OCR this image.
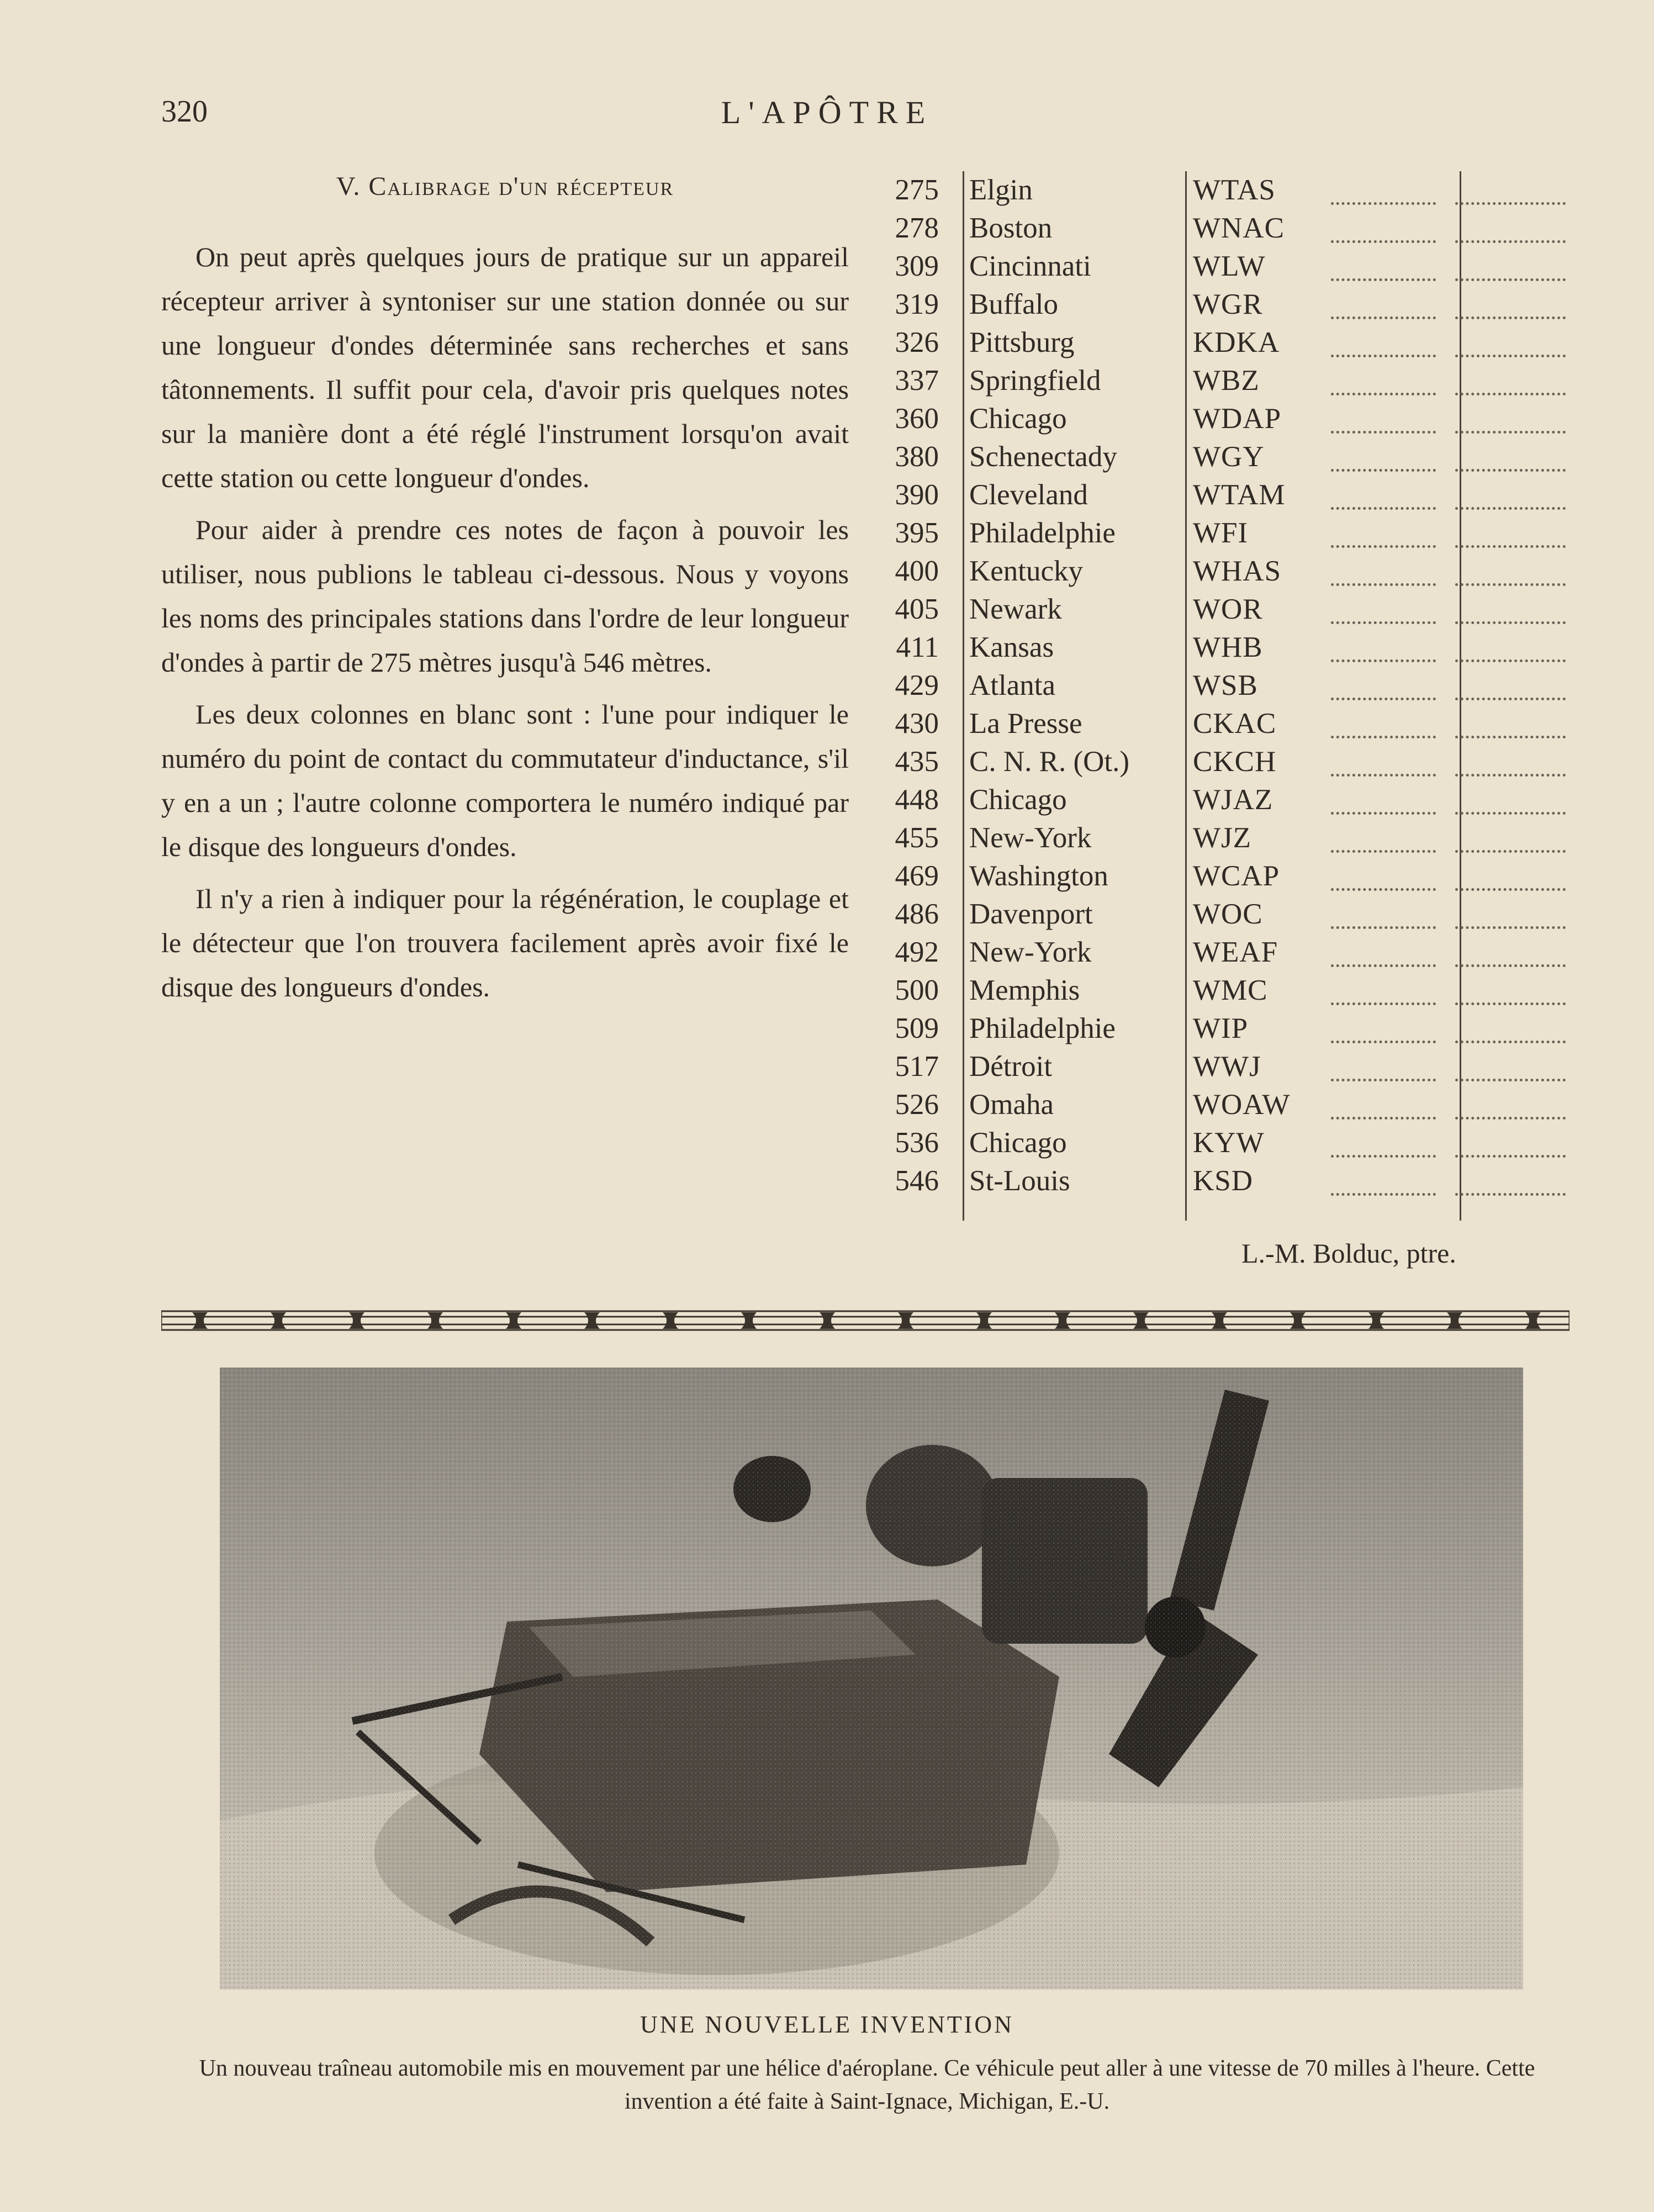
320	L'APÔTRE
V. Calibrage d'un récepteur

On peut après quelques jours de pratique sur un appareil récepteur arriver à syntoniser sur une station donnée ou sur une longueur d'ondes déterminée sans recherches et sans tâtonnements. Il suffit pour cela, d'avoir pris quelques notes sur la manière dont a été réglé l'instrument lorsqu'on avait cette station ou cette longueur d'ondes.

Pour aider à prendre ces notes de façon à pouvoir les utiliser, nous publions le tableau ci-dessous. Nous y voyons les noms des principales stations dans l'ordre de leur longueur d'ondes à partir de 275 mètres jusqu'à 546 mètres.

Les deux colonnes en blanc sont : l'une pour indiquer le numéro du point de contact du commutateur d'inductance, s'il y en a un ; l'autre colonne comportera le numéro indiqué par le disque des longueurs d'ondes.

Il n'y a rien à indiquer pour la régénération, le couplage et le détecteur que l'on trouvera facilement après avoir fixé le disque des longueurs d'ondes.

275 Elgin	WTAS
278 Boston	WNAC
309 Cincinnati	WLW
319 Buffalo	WGR
326 Pittsburg	KDKA
337 Springfield	WBZ
360 Chicago	WDAP
380 Schenectady	WGY
390 Cleveland	WTAM
395 Philadelphie	WFI
400 Kentucky	WHAS
405 Newark	WOR
411 Kansas	WHB
429 Atlanta	WSB
430 La Presse	CKAC
435 C. N. R. (Ot.) CKCH
448 Chicago	WJAZ
455 New-York	WJZ
469 Washington	WCAP
486 Davenport	WOC
492 New-York	WEAF
500 Memphis	WMC
509 Philadelphie	WIP
517 Détroit	WWJ
526 Omaha	WOAW
536 Chicago	KYW
546 St-Louis	KSD
L.-M. Bolduc, ptre.
UNE NOUVELLE INVENTION
Un nouveau traîneau automobile mis en mouvement par une hélice d'aéroplane. Ce véhicule peut aller à une vitesse de 70 milles à l'heure. Cette invention a été faite à Saint-Ignace, Michigan, E.-U.
